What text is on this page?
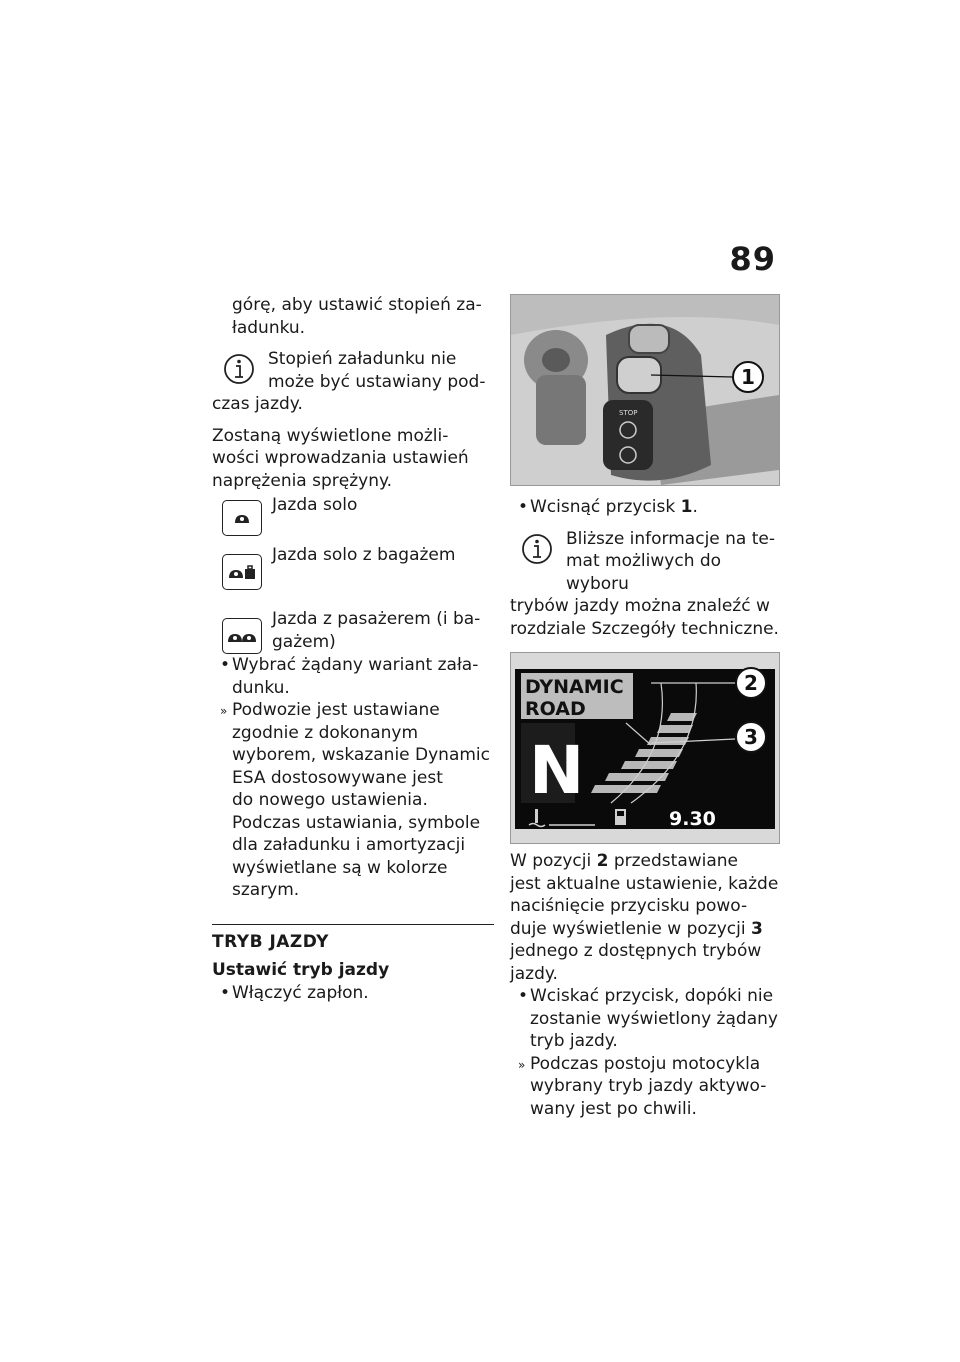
89

górę, aby ustawić stopień za-

ładunku.

Stopień załadunku nie

może być ustawiany pod-

czas jazdy.

Zostaną wyświetlone możli-

wości wprowadzania ustawień

naprężenia sprężyny.

Jazda solo

Jazda solo z bagażem

Jazda z pasażerem (i ba-

gażem)

• Wybrać żądany wariant zała-

dunku.

» Podwozie jest ustawiane

zgodnie z dokonanym

wyborem, wskazanie Dynamic

ESA dostosowywane jest

do nowego ustawienia.

Podczas ustawiania, symbole

dla załadunku i amortyzacji

wyświetlane są w kolorze

szarym.

TRYB JAZDY

Ustawić tryb jazdy

• Włączyć zapłon.

STOP
1

• Wcisnąć przycisk 1.

Bliższe informacje na te-

mat możliwych do wyboru

trybów jazdy można znaleźć w

rozdziale Szczegóły techniczne.

DYNAMIC
ROAD
N
2
3
9.30

W pozycji 2 przedstawiane

jest aktualne ustawienie, każde

naciśnięcie przycisku powo-

duje wyświetlenie w pozycji 3

jednego z dostępnych trybów

jazdy.

• Wciskać przycisk, dopóki nie

zostanie wyświetlony żądany

tryb jazdy.

» Podczas postoju motocykla

wybrany tryb jazdy aktywo-

wany jest po chwili.
